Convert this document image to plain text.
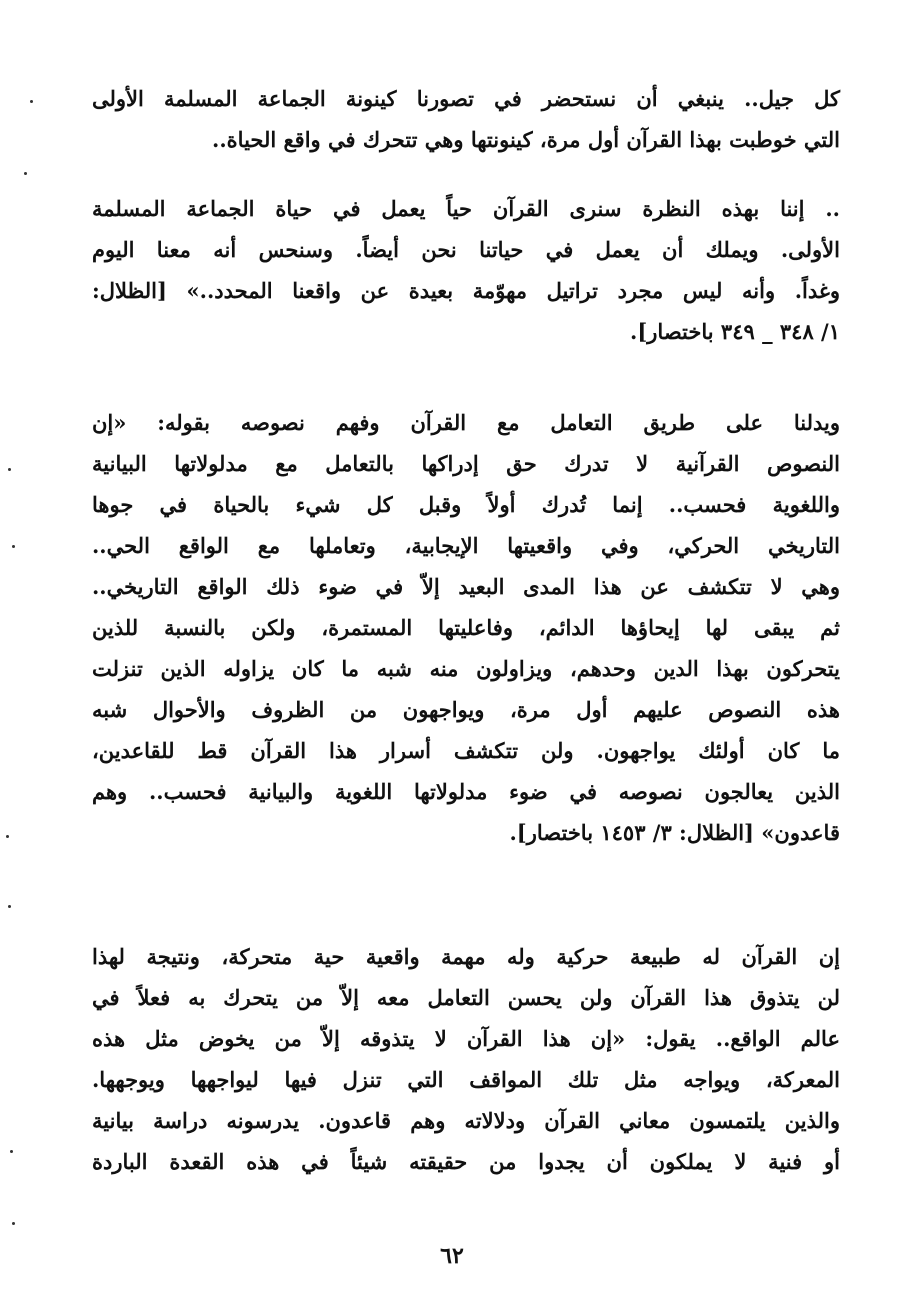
كل جيل.. ينبغي أن نستحضر في تصورنا كينونة الجماعة المسلمة الأولى
التي خوطبت بهذا القرآن أول مرة، كينونتها وهي تتحرك في واقع الحياة..
.. إننا بهذه النظرة سنرى القرآن حياً يعمل في حياة الجماعة المسلمة
الأولى. ويملك أن يعمل في حياتنا نحن أيضاً. وسنحس أنه معنا اليوم
وغداً. وأنه ليس مجرد تراتيل مهوّمة بعيدة عن واقعنا المحدد..» [الظلال:
١/ ٣٤٨ _ ٣٤٩ باختصار].
ويدلنا على طريق التعامل مع القرآن وفهم نصوصه بقوله: «إن
النصوص القرآنية لا تدرك حق إدراكها بالتعامل مع مدلولاتها البيانية
واللغوية فحسب.. إنما تُدرك أولاً وقبل كل شيء بالحياة في جوها
التاريخي الحركي، وفي واقعيتها الإيجابية، وتعاملها مع الواقع الحي..
وهي لا تتكشف عن هذا المدى البعيد إلاّ في ضوء ذلك الواقع التاريخي..
ثم يبقى لها إيحاؤها الدائم، وفاعليتها المستمرة، ولكن بالنسبة للذين
يتحركون بهذا الدين وحدهم، ويزاولون منه شبه ما كان يزاوله الذين تنزلت
هذه النصوص عليهم أول مرة، ويواجهون من الظروف والأحوال شبه
ما كان أولئك يواجهون. ولن تتكشف أسرار هذا القرآن قط للقاعدين،
الذين يعالجون نصوصه في ضوء مدلولاتها اللغوية والبيانية فحسب.. وهم
قاعدون» [الظلال: ٣/ ١٤٥٣ باختصار].
إن القرآن له طبيعة حركية وله مهمة واقعية حية متحركة، ونتيجة لهذا
لن يتذوق هذا القرآن ولن يحسن التعامل معه إلاّ من يتحرك به فعلاً في
عالم الواقع.. يقول: «إن هذا القرآن لا يتذوقه إلاّ من يخوض مثل هذه
المعركة، ويواجه مثل تلك المواقف التي تنزل فيها ليواجهها ويوجهها.
والذين يلتمسون معاني القرآن ودلالاته وهم قاعدون. يدرسونه دراسة بيانية
أو فنية لا يملكون أن يجدوا من حقيقته شيئاً في هذه القعدة الباردة
٦٢
